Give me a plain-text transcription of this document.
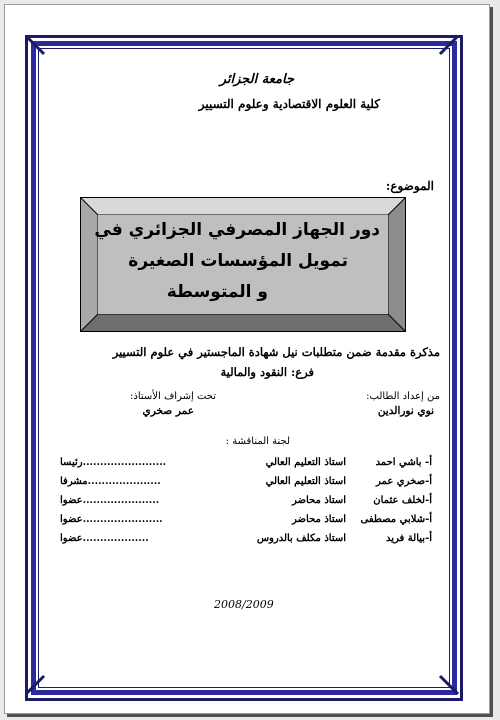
جامعة الجزائر
كلية العلوم الاقتصادية وعلوم التسيير
الموضوع:
دور الجهاز المصرفي الجزائري في
تمويل المؤسسات الصغيرة
و المتوسطة
مذكرة مقدمة ضمن متطلبات نيل شهادة الماجستير في علوم التسيير
فرع: النقود والمالية
من إعداد الطالب:
نوي نورالدين
تحت إشراف الأستاذ:
عمر صخري
لجنة المناقشة :
أ- باشي احمد
استاذ التعليم العالي
........................رئيسا
أ-صخري عمر
استاذ التعليم العالي
.....................مشرفا
أ-لخلف عثمان
استاذ محاضر
......................عضوا
أ-شلابي مصطفى
استاذ محاضر
.......................عضوا
أ-بيالة فريد
استاذ مكلف بالدروس
...................عضوا
2008/2009
